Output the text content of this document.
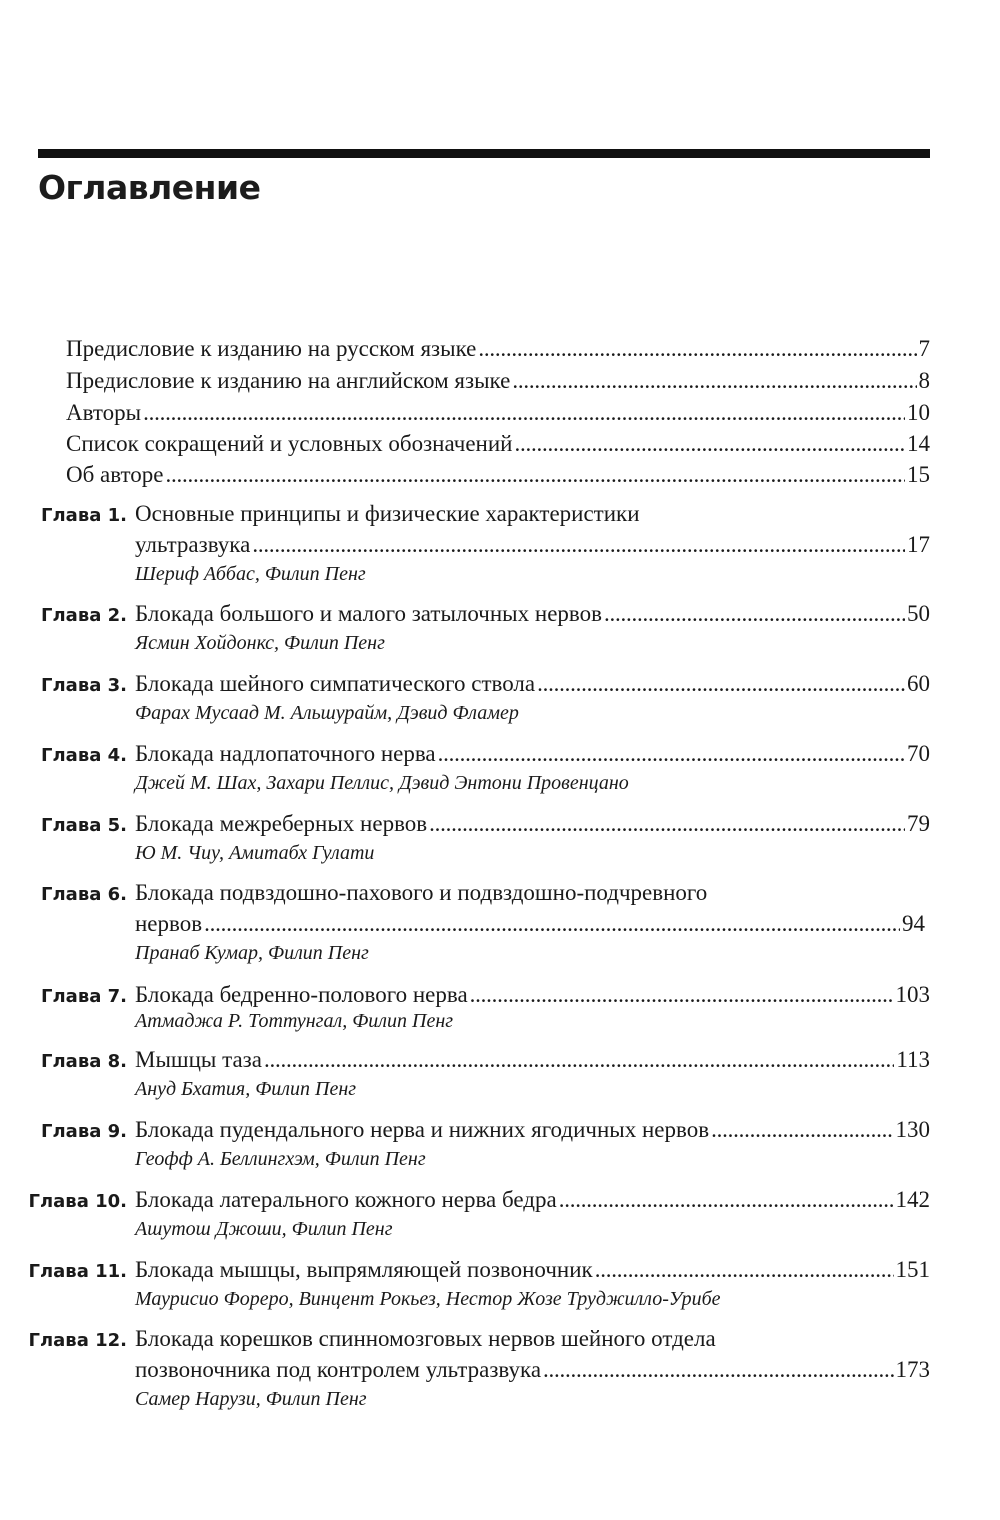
Оглавление
Предисловие к изданию на русском языке . . .	7
Предисловие к изданию на английском языке . . .	8
Авторы . . .	10
Список сокращений и условных обозначений . . .	14
Об авторе . . .	15
Глава 1. Основные принципы и физические характеристики
ультразвука . . .	17
Шериф Аббас, Филип Пенг
Глава 2. Блокада большого и малого затылочных нервов . . .	50
Ясмин Хойдонкс, Филип Пенг
Глава 3. Блокада шейного симпатического ствола . . .	60
Фарах Мусаад М. Альшурайм, Дэвид Фламер
Глава 4. Блокада надлопаточного нерва . . .	70
Джей М. Шах, Захари Пеллис, Дэвид Энтони Провенцано
Глава 5. Блокада межреберных нервов . . .	79
Ю М. Чиу, Амитабх Гулати
Глава 6. Блокада подвздошно-пахового и подвздошно-подчревного
нервов . . .	94
Пранаб Кумар, Филип Пенг
Глава 7. Блокада бедренно-полового нерва . . .	103
Атмаджа Р. Тоттунгал, Филип Пенг
Глава 8. Мышцы таза . . .	113
Ануд Бхатия, Филип Пенг
Глава 9. Блокада пудендального нерва и нижних ягодичных нервов . . .	130
Геофф А. Беллингхэм, Филип Пенг
Глава 10. Блокада латерального кожного нерва бедра . . .	142
Ашутош Джоши, Филип Пенг
Глава 11. Блокада мышцы, выпрямляющей позвоночник . . .	151
Маурисио Фореро, Винцент Рокьез, Нестор Жозе Труджилло-Урибе
Глава 12. Блокада корешков спинномозговых нервов шейного отдела
позвоночника под контролем ультразвука . . .	173
Самер Нарузи, Филип Пенг
